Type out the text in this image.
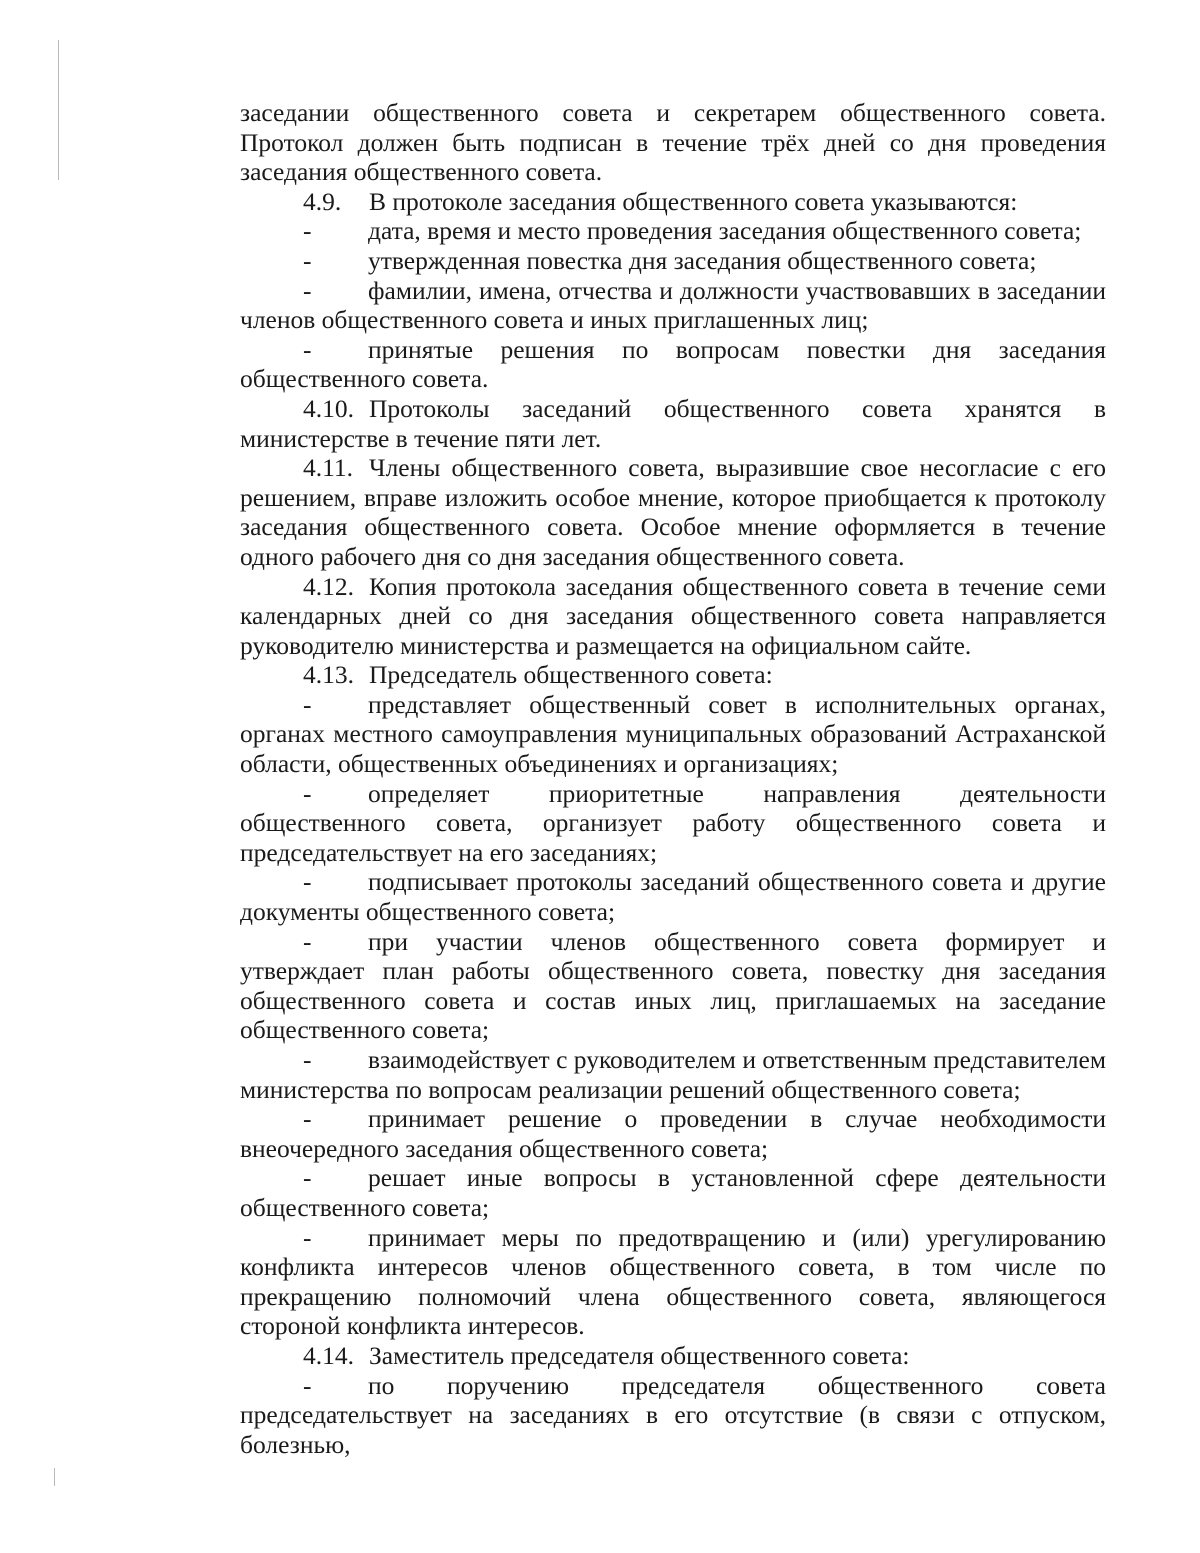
заседании общественного совета и секретарем общественного совета. Протокол должен быть подписан в течение трёх дней со дня проведения заседания общественного совета.

4.9. В протоколе заседания общественного совета указываются:

- дата, время и место проведения заседания общественного совета;

- утвержденная повестка дня заседания общественного совета;

- фамилии, имена, отчества и должности участвовавших в заседании членов общественного совета и иных приглашенных лиц;

- принятые решения по вопросам повестки дня заседания общественного совета.

4.10. Протоколы заседаний общественного совета хранятся в министерстве в течение пяти лет.

4.11. Члены общественного совета, выразившие свое несогласие с его решением, вправе изложить особое мнение, которое приобщается к протоколу заседания общественного совета. Особое мнение оформляется в течение одного рабочего дня со дня заседания общественного совета.

4.12. Копия протокола заседания общественного совета в течение семи календарных дней со дня заседания общественного совета направляется руководителю министерства и размещается на официальном сайте.

4.13. Председатель общественного совета:

- представляет общественный совет в исполнительных органах, органах местного самоуправления муниципальных образований Астраханской области, общественных объединениях и организациях;

- определяет приоритетные направления деятельности общественного совета, организует работу общественного совета и председательствует на его заседаниях;

- подписывает протоколы заседаний общественного совета и другие документы общественного совета;

- при участии членов общественного совета формирует и утверждает план работы общественного совета, повестку дня заседания общественного совета и состав иных лиц, приглашаемых на заседание общественного совета;

- взаимодействует с руководителем и ответственным представителем министерства по вопросам реализации решений общественного совета;

- принимает решение о проведении в случае необходимости внеочередного заседания общественного совета;

- решает иные вопросы в установленной сфере деятельности общественного совета;

- принимает меры по предотвращению и (или) урегулированию конфликта интересов членов общественного совета, в том числе по прекращению полномочий члена общественного совета, являющегося стороной конфликта интересов.

4.14. Заместитель председателя общественного совета:

- по поручению председателя общественного совета председательствует на заседаниях в его отсутствие (в связи с отпуском, болезнью,
